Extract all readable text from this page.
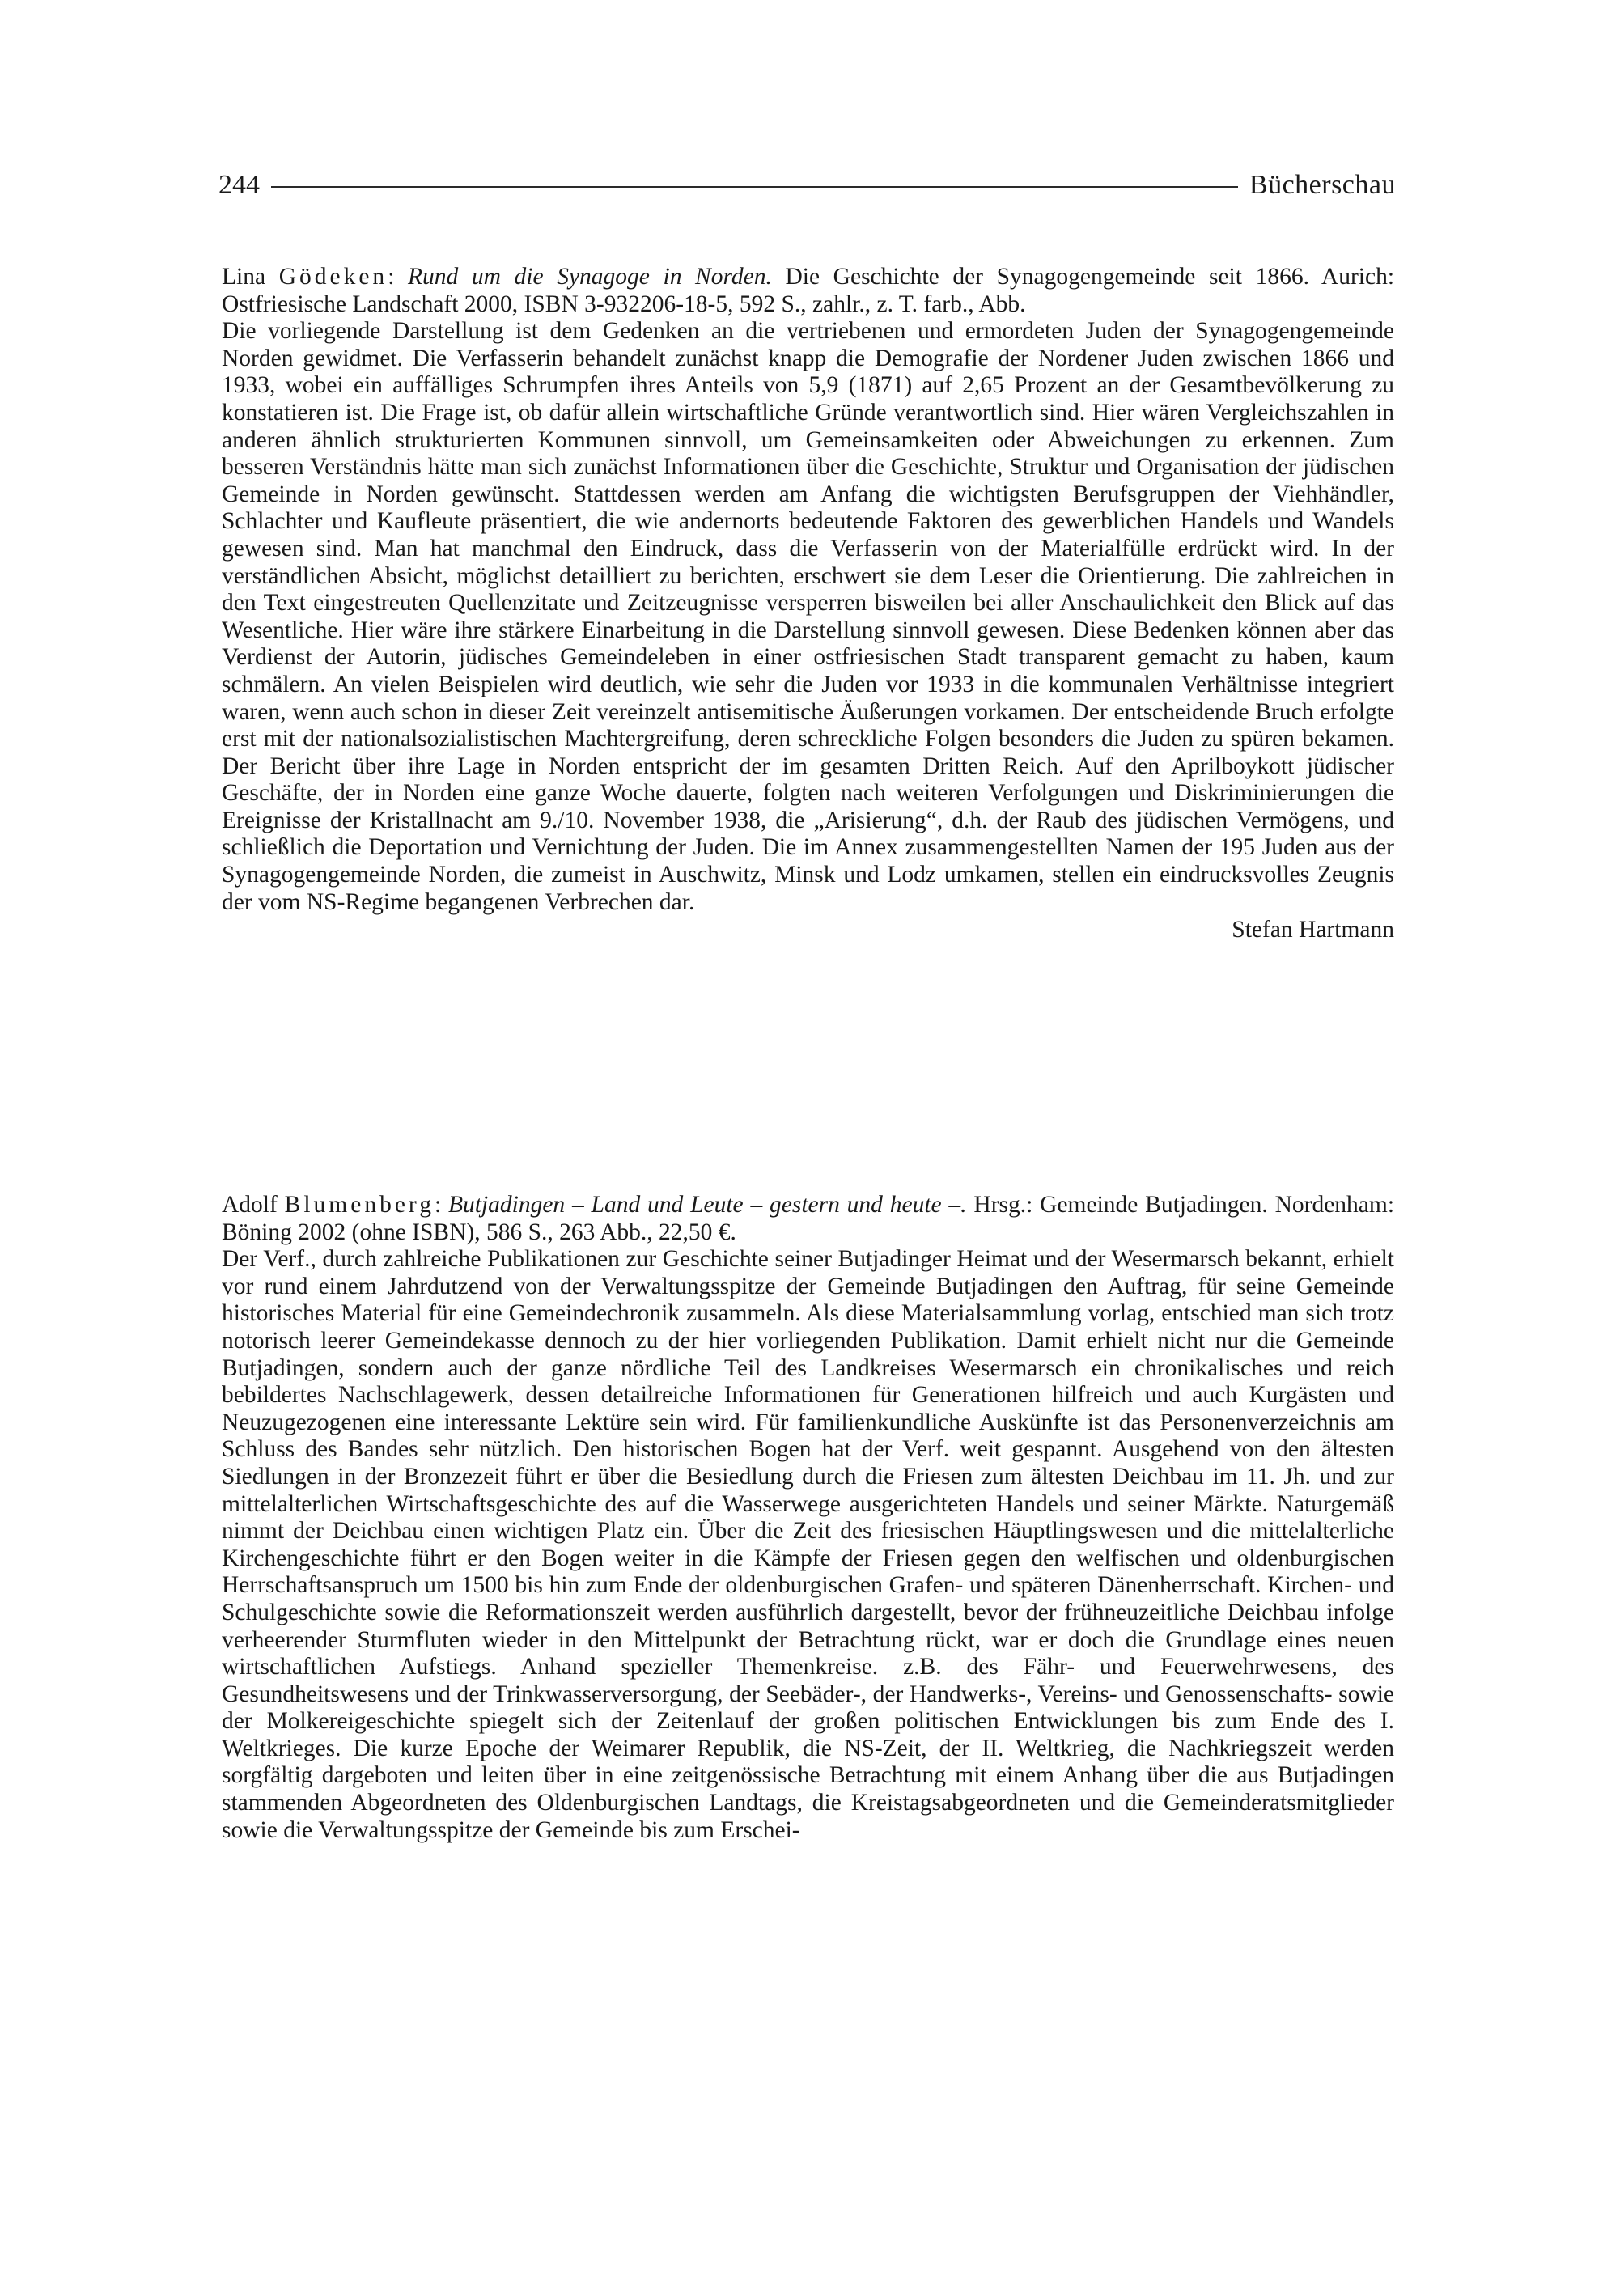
244	Bücherschau

Lina Gödeken: Rund um die Synagoge in Norden. Die Geschichte der Synagogengemeinde seit 1866. Aurich: Ostfriesische Landschaft 2000, ISBN 3-932206-18-5, 592 S., zahlr., z. T. farb., Abb.

Die vorliegende Darstellung ist dem Gedenken an die vertriebenen und ermordeten Juden der Synagogengemeinde Norden gewidmet. Die Verfasserin behandelt zunächst knapp die Demografie der Nordener Juden zwischen 1866 und 1933, wobei ein auffälliges Schrumpfen ihres Anteils von 5,9 (1871) auf 2,65 Prozent an der Gesamtbevölkerung zu konstatieren ist. Die Frage ist, ob dafür allein wirtschaftliche Gründe verantwortlich sind. Hier wären Vergleichszahlen in anderen ähnlich strukturierten Kommunen sinnvoll, um Gemeinsamkeiten oder Abweichungen zu erkennen. Zum besseren Verständnis hätte man sich zunächst Informationen über die Geschichte, Struktur und Organisation der jüdischen Gemeinde in Norden gewünscht. Stattdessen werden am Anfang die wichtigsten Berufsgruppen der Viehhändler, Schlachter und Kaufleute präsentiert, die wie andernorts bedeutende Faktoren des gewerblichen Handels und Wandels gewesen sind. Man hat manchmal den Eindruck, dass die Verfasserin von der Materialfülle erdrückt wird. In der verständlichen Absicht, möglichst detailliert zu berichten, erschwert sie dem Leser die Orientierung. Die zahlreichen in den Text eingestreuten Quellenzitate und Zeitzeugnisse versperren bisweilen bei aller Anschaulichkeit den Blick auf das Wesentliche. Hier wäre ihre stärkere Einarbeitung in die Darstellung sinnvoll gewesen. Diese Bedenken können aber das Verdienst der Autorin, jüdisches Gemeindeleben in einer ostfriesischen Stadt transparent gemacht zu haben, kaum schmälern. An vielen Beispielen wird deutlich, wie sehr die Juden vor 1933 in die kommunalen Verhältnisse integriert waren, wenn auch schon in dieser Zeit vereinzelt antisemitische Äußerungen vorkamen. Der entscheidende Bruch erfolgte erst mit der nationalsozialistischen Machtergreifung, deren schreckliche Folgen besonders die Juden zu spüren bekamen. Der Bericht über ihre Lage in Norden entspricht der im gesamten Dritten Reich. Auf den Aprilboykott jüdischer Geschäfte, der in Norden eine ganze Woche dauerte, folgten nach weiteren Verfolgungen und Diskriminierungen die Ereignisse der Kristallnacht am 9./10. November 1938, die „Arisierung“, d.h. der Raub des jüdischen Vermögens, und schließlich die Deportation und Vernichtung der Juden. Die im Annex zusammengestellten Namen der 195 Juden aus der Synagogengemeinde Norden, die zumeist in Auschwitz, Minsk und Lodz umkamen, stellen ein eindrucksvolles Zeugnis der vom NS-Regime begangenen Verbrechen dar.

Stefan Hartmann

Adolf Blumenberg: Butjadingen – Land und Leute – gestern und heute –. Hrsg.: Gemeinde Butjadingen. Nordenham: Böning 2002 (ohne ISBN), 586 S., 263 Abb., 22,50 €.

Der Verf., durch zahlreiche Publikationen zur Geschichte seiner Butjadinger Heimat und der Wesermarsch bekannt, erhielt vor rund einem Jahrdutzend von der Verwaltungsspitze der Gemeinde Butjadingen den Auftrag, für seine Gemeinde historisches Material für eine Gemeindechronik zusammeln. Als diese Materialsammlung vorlag, entschied man sich trotz notorisch leerer Gemeindekasse dennoch zu der hier vorliegenden Publikation. Damit erhielt nicht nur die Gemeinde Butjadingen, sondern auch der ganze nördliche Teil des Landkreises Wesermarsch ein chronikalisches und reich bebildertes Nachschlagewerk, dessen detailreiche Informationen für Generationen hilfreich und auch Kurgästen und Neuzugezogenen eine interessante Lektüre sein wird. Für familienkundliche Auskünfte ist das Personenverzeichnis am Schluss des Bandes sehr nützlich. Den historischen Bogen hat der Verf. weit gespannt. Ausgehend von den ältesten Siedlungen in der Bronzezeit führt er über die Besiedlung durch die Friesen zum ältesten Deichbau im 11. Jh. und zur mittelalterlichen Wirtschaftsgeschichte des auf die Wasserwege ausgerichteten Handels und seiner Märkte. Naturgemäß nimmt der Deichbau einen wichtigen Platz ein. Über die Zeit des friesischen Häuptlingswesen und die mittelalterliche Kirchengeschichte führt er den Bogen weiter in die Kämpfe der Friesen gegen den welfischen und oldenburgischen Herrschaftsanspruch um 1500 bis hin zum Ende der oldenburgischen Grafen- und späteren Dänenherrschaft. Kirchen- und Schulgeschichte sowie die Reformationszeit werden ausführlich dargestellt, bevor der frühneuzeitliche Deichbau infolge verheerender Sturmfluten wieder in den Mittelpunkt der Betrachtung rückt, war er doch die Grundlage eines neuen wirtschaftlichen Aufstiegs. Anhand spezieller Themenkreise. z.B. des Fähr- und Feuerwehrwesens, des Gesundheitswesens und der Trinkwasserversorgung, der Seebäder-, der Handwerks-, Vereins- und Genossenschafts- sowie der Molkereigeschichte spiegelt sich der Zeitenlauf der großen politischen Entwicklungen bis zum Ende des I. Weltkrieges. Die kurze Epoche der Weimarer Republik, die NS-Zeit, der II. Weltkrieg, die Nachkriegszeit werden sorgfältig dargeboten und leiten über in eine zeitgenössische Betrachtung mit einem Anhang über die aus Butjadingen stammenden Abgeordneten des Oldenburgischen Landtags, die Kreistagsabgeordneten und die Gemeinderatsmitglieder sowie die Verwaltungsspitze der Gemeinde bis zum Erschei-
